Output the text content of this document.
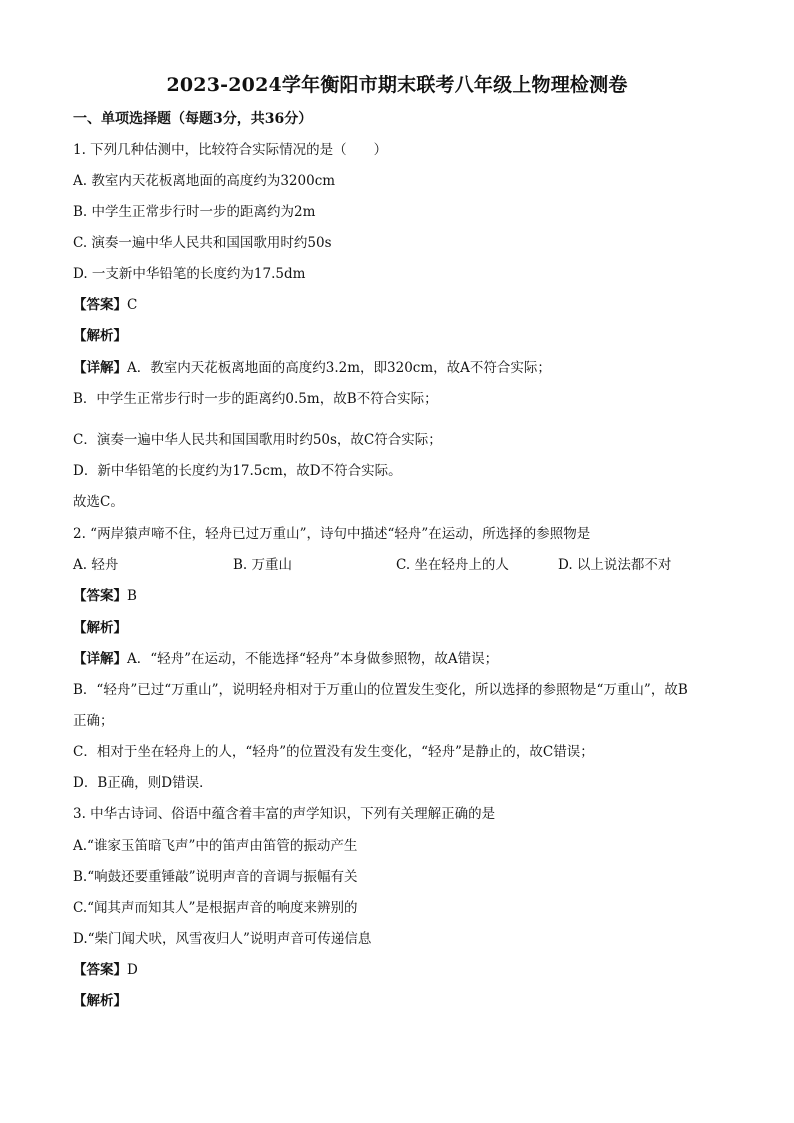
2023-2024学年衡阳市期末联考八年级上物理检测卷
一、单项选择题（每题3分，共36分）
1. 下列几种估测中，比较符合实际情况的是（　　）
A. 教室内天花板离地面的高度约为3200cm
B. 中学生正常步行时一步的距离约为2m
C. 演奏一遍中华人民共和国国歌用时约50s
D. 一支新中华铅笔的长度约为17.5dm
【答案】C
【解析】
【详解】A．教室内天花板离地面的高度约3.2m，即320cm，故A不符合实际；
B．中学生正常步行时一步的距离约0.5m，故B不符合实际；
C．演奏一遍中华人民共和国国歌用时约50s，故C符合实际；
D．新中华铅笔的长度约为17.5cm，故D不符合实际。
故选C。
2. “两岸猿声啼不住，轻舟已过万重山”，诗句中描述“轻舟”在运动，所选择的参照物是
A. 轻舟	B. 万重山	C. 坐在轻舟上的人	D. 以上说法都不对
【答案】B
【解析】
【详解】A．“轻舟”在运动，不能选择“轻舟”本身做参照物，故A错误；
B．“轻舟”已过“万重山”，说明轻舟相对于万重山的位置发生变化，所以选择的参照物是“万重山”，故B
正确；
C．相对于坐在轻舟上的人，“轻舟”的位置没有发生变化，“轻舟”是静止的，故C错误；
D．B正确，则D错误．
3. 中华古诗词、俗语中蕴含着丰富的声学知识，下列有关理解正确的是
A.“谁家玉笛暗飞声”中的笛声由笛管的振动产生
B.“响鼓还要重锤敲”说明声音的音调与振幅有关
C.“闻其声而知其人”是根据声音的响度来辨别的
D.“柴门闻犬吠，风雪夜归人”说明声音可传递信息
【答案】D
【解析】
